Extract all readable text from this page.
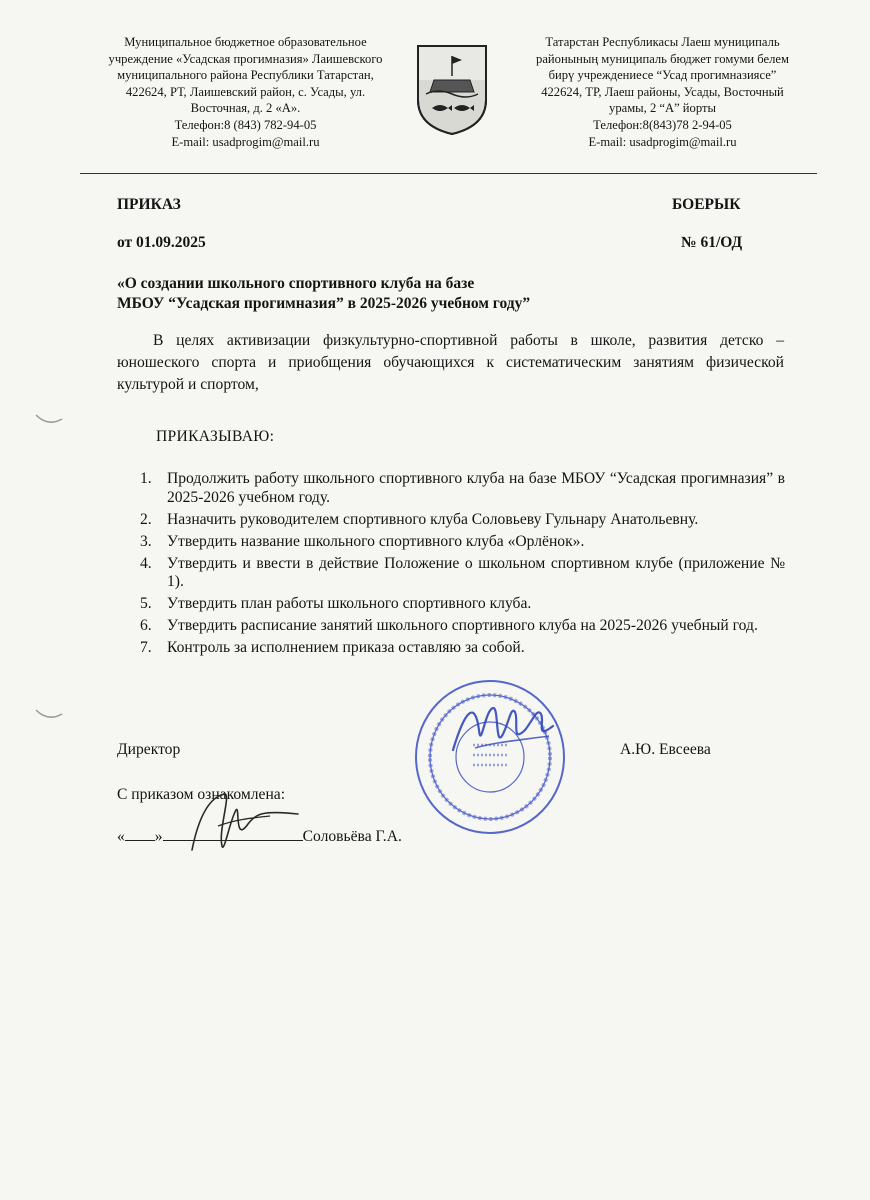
Муниципальное бюджетное образовательное
учреждение «Усадская прогимназия» Лаишевского
муниципального района Республики Татарстан,
422624, РТ, Лаишевский район, с. Усады, ул.
Восточная, д. 2 «А».
Телефон:8 (843) 782-94-05
E-mail: usadprogim@mail.ru
Татарстан Республикасы Лаеш муниципаль
районының муниципаль бюджет гомуми белем
бирү учреждениесе “Усад прогимназиясе”
422624, ТР, Лаеш районы, Усады, Восточный
урамы, 2 “А” йорты
Телефон:8(843)78 2-94-05
E-mail: usadprogim@mail.ru
ПРИКАЗ	БОЕРЫК
от 01.09.2025	№ 61/ОД
«О создании школьного спортивного клуба на базе
МБОУ “Усадская прогимназия” в 2025-2026 учебном году”

В целях активизации физкультурно-спортивной работы в школе, развития детско – юношеского спорта и приобщения обучающихся к систематическим занятиям физической культурой и спортом,

ПРИКАЗЫВАЮ:
1. Продолжить работу школьного спортивного клуба на базе МБОУ “Усадская прогимназия” в 2025-2026 учебном году.
2. Назначить руководителем спортивного клуба Соловьеву Гульнару Анатольевну.
3. Утвердить название школьного спортивного клуба «Орлёнок».
4. Утвердить и ввести в действие Положение о школьном спортивном клубе (приложение № 1).
5. Утвердить план работы школьного спортивного клуба.
6. Утвердить расписание занятий школьного спортивного клуба на 2025-2026 учебный год.
7. Контроль за исполнением приказа оставляю за собой.
Директор	А.Ю. Евсеева
С приказом ознакомлена:
« »	Соловьёва Г.А.
